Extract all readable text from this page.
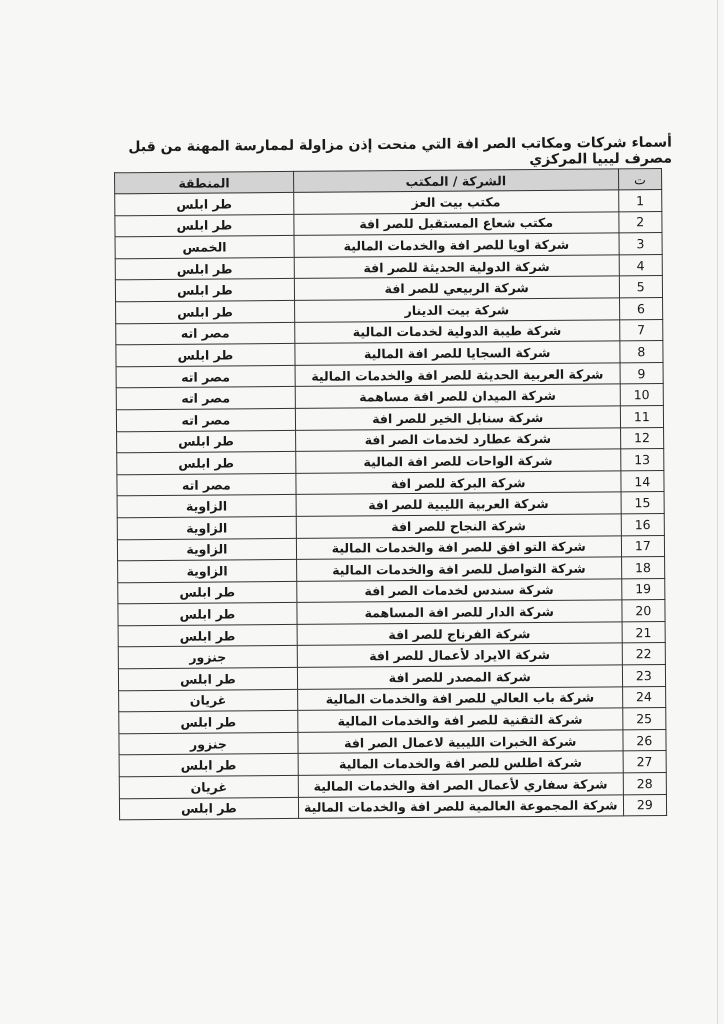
أسماء شركات ومكاتب الصر افة التي منحت إذن مزاولة لممارسة المهنة من قبل مصرف ليبيا المركزي
ت	الشركة / المكتب	المنطقة
1	مكتب بيت العز	طر ابلس
2	مكتب شعاع المستقبل للصر افة	طر ابلس
3	شركة اويا للصر افة والخدمات المالية	الخمس
4	شركة الدولية الحديثة للصر افة	طر ابلس
5	شركة الربيعي للصر افة	طر ابلس
6	شركة بيت الدينار	طر ابلس
7	شركة طيبة الدولية لخدمات المالية	مصر اته
8	شركة السجايا للصر افة المالية	طر ابلس
9	شركة العربية الحديثة للصر افة والخدمات المالية	مصر اته
10	شركة الميدان للصر افة مساهمة	مصر اته
11	شركة سنابل الخير للصر افة	مصر اته
12	شركة عطارد لخدمات الصر افة	طر ابلس
13	شركة الواحات للصر افة المالية	طر ابلس
14	شركة البركة للصر افة	مصر اته
15	شركة العربية الليبية للصر افة	الزاوية
16	شركة النجاح للصر افة	الزاوية
17	شركة التو افق للصر افة والخدمات المالية	الزاوية
18	شركة التواصل للصر افة والخدمات المالية	الزاوية
19	شركة سندس لخدمات الصر افة	طر ابلس
20	شركة الدار للصر افة المساهمة	طر ابلس
21	شركة الفرناج للصر افة	طر ابلس
22	شركة الايراد لأعمال للصر افة	جنزور
23	شركة المصدر للصر افة	طر ابلس
24	شركة باب العالي للصر افة والخدمات المالية	غريان
25	شركة التقنية للصر افة والخدمات المالية	طر ابلس
26	شركة الخبرات الليبية لاعمال الصر افة	جنزور
27	شركة اطلس للصر افة والخدمات المالية	طر ابلس
28	شركة سفاري لأعمال الصر افة والخدمات المالية	غريان
29	شركة المجموعة العالمية للصر افة والخدمات المالية	طر ابلس
